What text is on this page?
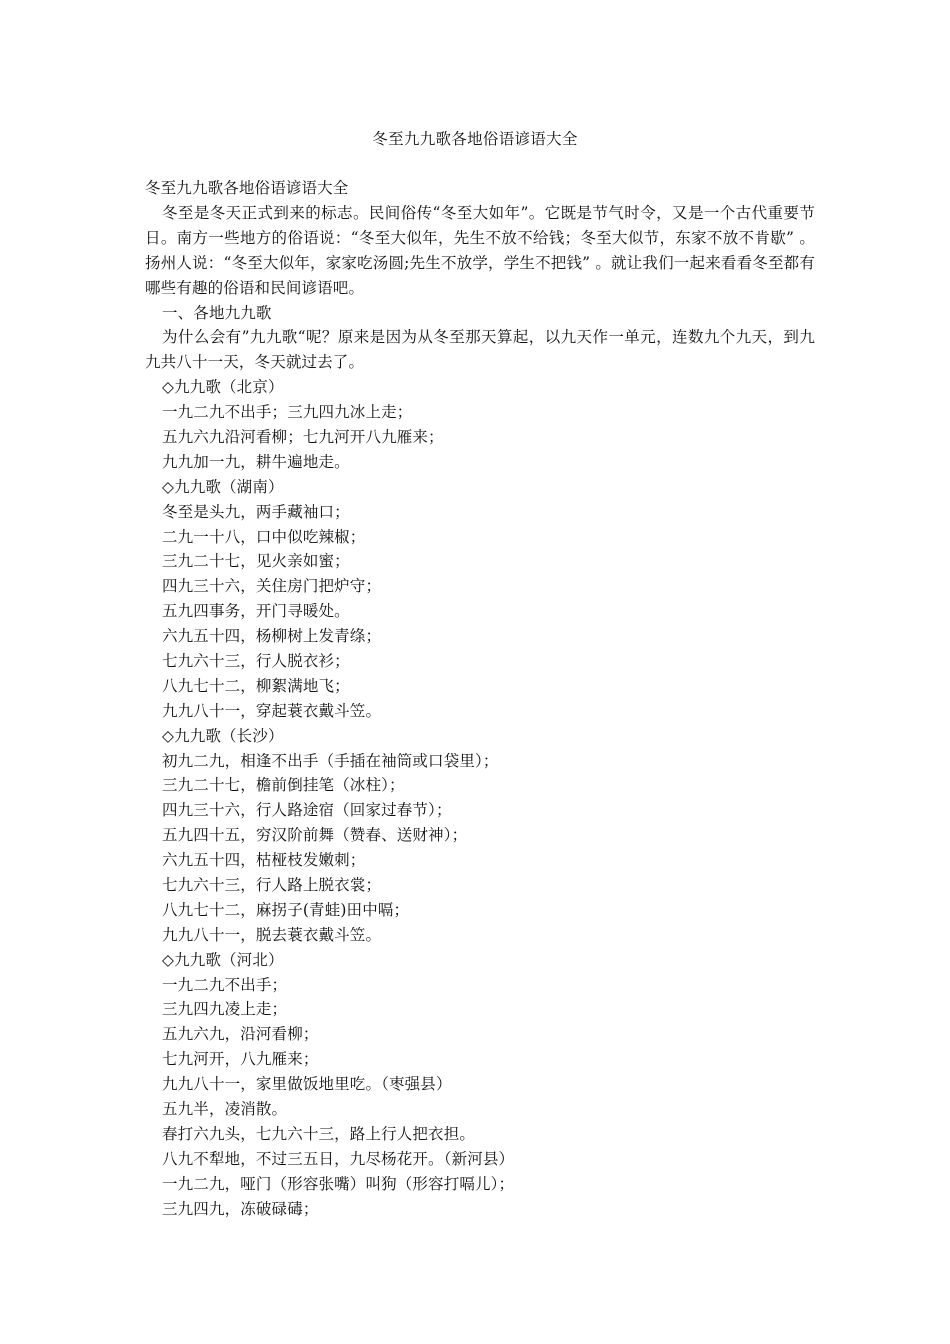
冬至九九歌各地俗语谚语大全
冬至九九歌各地俗语谚语大全
冬至是冬天正式到来的标志。民间俗传“冬至大如年”。它既是节气时令，又是一个古代重要节日。南方一些地方的俗语说：“冬至大似年，先生不放不给钱；冬至大似节，东家不放不肯歇” 。扬州人说：“冬至大似年，家家吃汤圆;先生不放学，学生不把钱” 。就让我们一起来看看冬至都有哪些有趣的俗语和民间谚语吧。
一、各地九九歌
为什么会有”九九歌“呢？原来是因为从冬至那天算起，以九天作一单元，连数九个九天，到九九共八十一天，冬天就过去了。
◇九九歌（北京）
一九二九不出手；三九四九冰上走；
五九六九沿河看柳；七九河开八九雁来；
九九加一九，耕牛遍地走。
◇九九歌（湖南）
冬至是头九，两手藏袖口；
二九一十八，口中似吃辣椒；
三九二十七，见火亲如蜜；
四九三十六，关住房门把炉守；
五九四事务，开门寻暖处。
六九五十四，杨柳树上发青绦；
七九六十三，行人脱衣衫；
八九七十二，柳絮满地飞；
九九八十一，穿起蓑衣戴斗笠。
◇九九歌（长沙）
初九二九，相逢不出手（手插在袖筒或口袋里）；
三九二十七，檐前倒挂笔（冰柱）；
四九三十六，行人路途宿（回家过春节）；
五九四十五，穷汉阶前舞（赞春、送财神）；
六九五十四，枯桠枝发嫩刺；
七九六十三，行人路上脱衣裳；
八九七十二，麻拐子(青蛙)田中嗝；
九九八十一，脱去蓑衣戴斗笠。
◇九九歌（河北）
一九二九不出手；
三九四九凌上走；
五九六九，沿河看柳；
七九河开，八九雁来；
九九八十一，家里做饭地里吃。（枣强县）
五九半，凌消散。
春打六九头，七九六十三，路上行人把衣担。
八九不犁地，不过三五日，九尽杨花开。（新河县）
一九二九，哑门（形容张嘴）叫狗（形容打嗝儿）；
三九四九，冻破碌碡；
